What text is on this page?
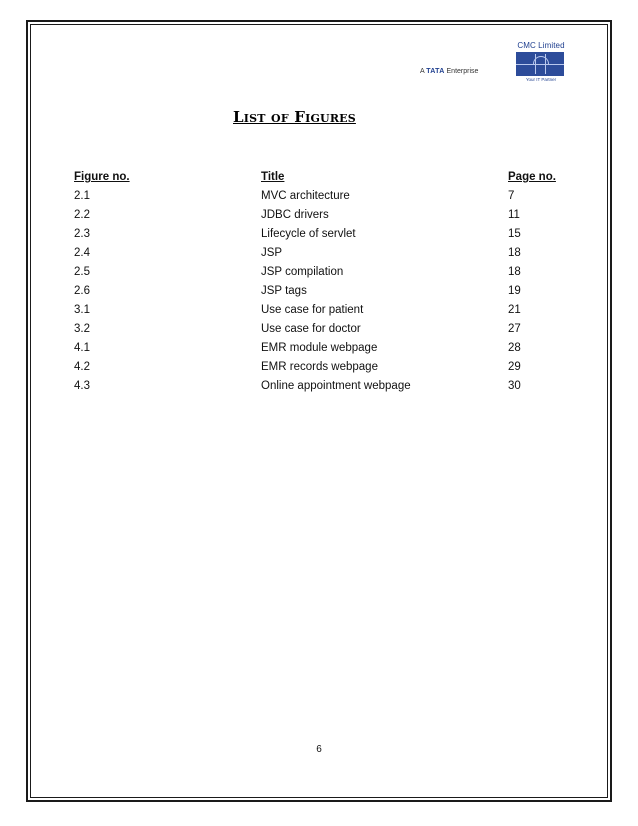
CMC Limited
Your IT Partner
A TATA Enterprise
List of Figures
Figure no.	Title	Page no.
2.1	MVC architecture	7
2.2	JDBC drivers	11
2.3	Lifecycle of servlet	15
2.4	JSP	18
2.5	JSP compilation	18
2.6	JSP tags	19
3.1	Use case for patient	21
3.2	Use case for doctor	27
4.1	EMR module webpage	28
4.2	EMR records webpage	29
4.3	Online appointment webpage	30
6
